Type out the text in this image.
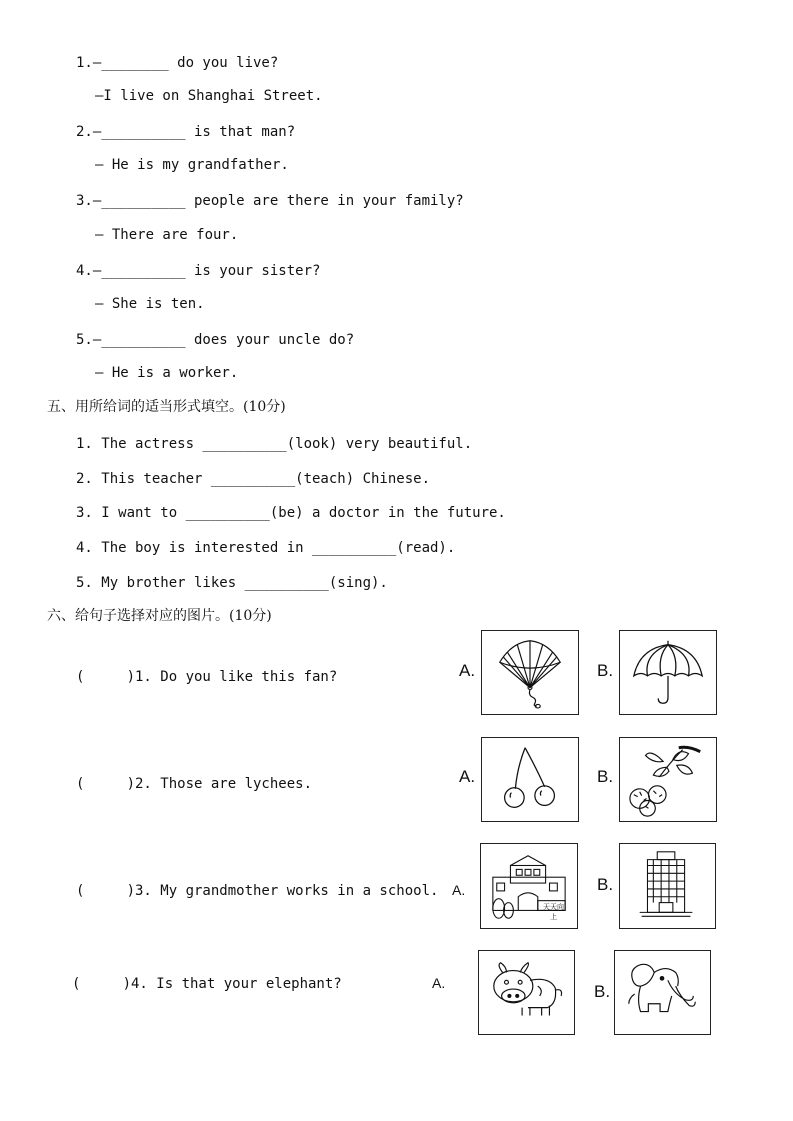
1.—________ do you live?
—I live on Shanghai Street.
2.—__________ is that man?
— He is my grandfather.
3.—__________ people are there in your family?
— There are four.
4.—__________ is your sister?
— She is ten.
5.—__________ does your uncle do?
— He is a worker.
五、用所给词的适当形式填空。(10分)
1. The actress __________(look) very beautiful.
2. This teacher __________(teach) Chinese.
3. I want to __________(be) a doctor in the future.
4. The boy is interested in __________(read).
5. My brother likes __________(sing).
六、给句子选择对应的图片。(10分)
(     )1. Do you like this fan?	A.	B.
(     )2. Those are lychees.	A.	B.
(     )3. My grandmother works in a school. A.
天天向上
B.
(     )4. Is that your elephant?	A.	B.
